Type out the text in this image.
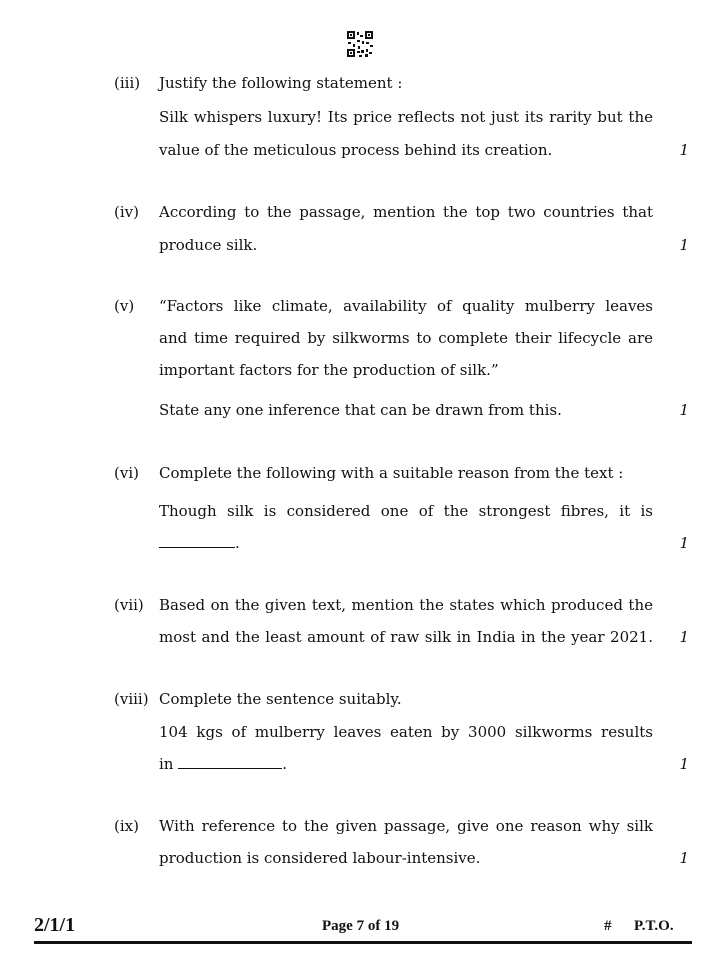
(iii) Justify the following statement :
Silk whispers luxury! Its price reflects not just its rarity but the
value of the meticulous process behind its creation.	1
(iv) According to the passage, mention the top two countries that
produce silk.	1
(v) “Factors like climate, availability of quality mulberry leaves
and time required by silkworms to complete their lifecycle are
important factors for the production of silk.”
State any one inference that can be drawn from this.	1
(vi) Complete the following with a suitable reason from the text :
Though silk is considered one of the strongest fibres, it is
.	1
(vii) Based on the given text, mention the states which produced the
most and the least amount of raw silk in India in the year 2021. 1
(viii) Complete the sentence suitably.
104 kgs of mulberry leaves eaten by 3000 silkworms results
in	.	1
(ix) With reference to the given passage, give one reason why silk
production is considered labour-intensive.	1
2/1/1	Page 7 of 19	# P.T.O.
